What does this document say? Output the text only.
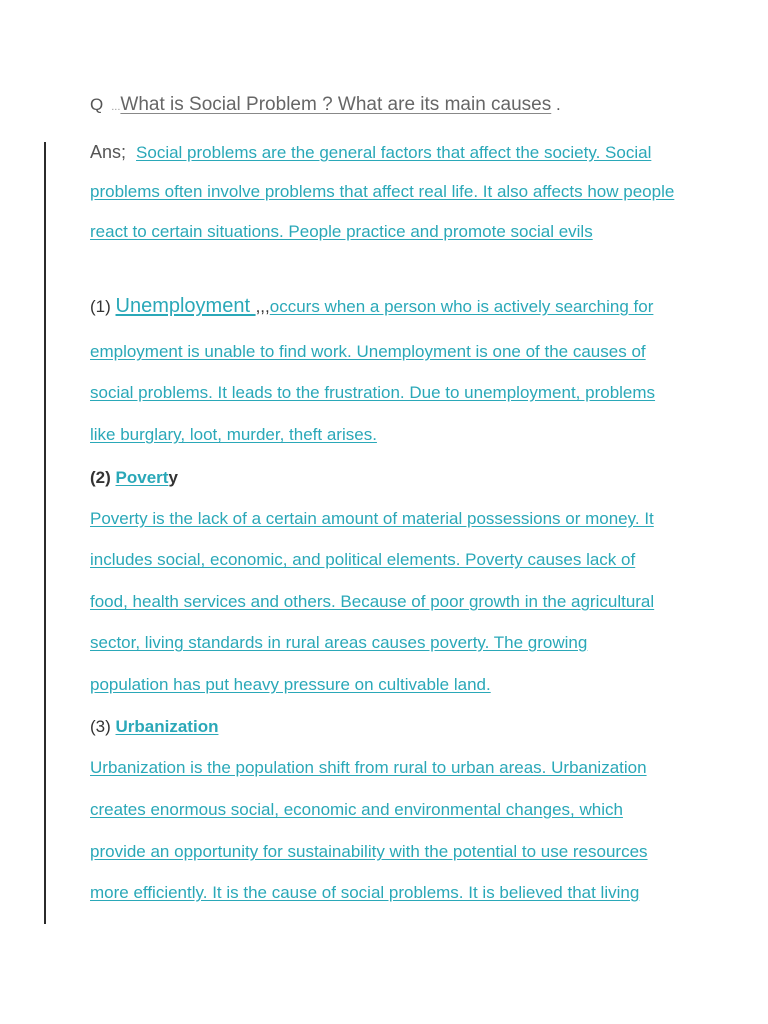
Q ...What is Social Problem ? What are its main causes .
Ans; Social problems are the general factors that affect the society. Social
problems often involve problems that affect real life. It also affects how people
react to certain situations. People practice and promote social evils
(1) Unemployment ,,,occurs when a person who is actively searching for
employment is unable to find work. Unemployment is one of the causes of
social problems. It leads to the frustration. Due to unemployment, problems
like burglary, loot, murder, theft arises.
(2) Poverty
Poverty is the lack of a certain amount of material possessions or money. It
includes social, economic, and political elements. Poverty causes lack of
food, health services and others. Because of poor growth in the agricultural
sector, living standards in rural areas causes poverty. The growing
population has put heavy pressure on cultivable land.
(3) Urbanization
Urbanization is the population shift from rural to urban areas. Urbanization
creates enormous social, economic and environmental changes, which
provide an opportunity for sustainability with the potential to use resources
more efficiently. It is the cause of social problems. It is believed that living
